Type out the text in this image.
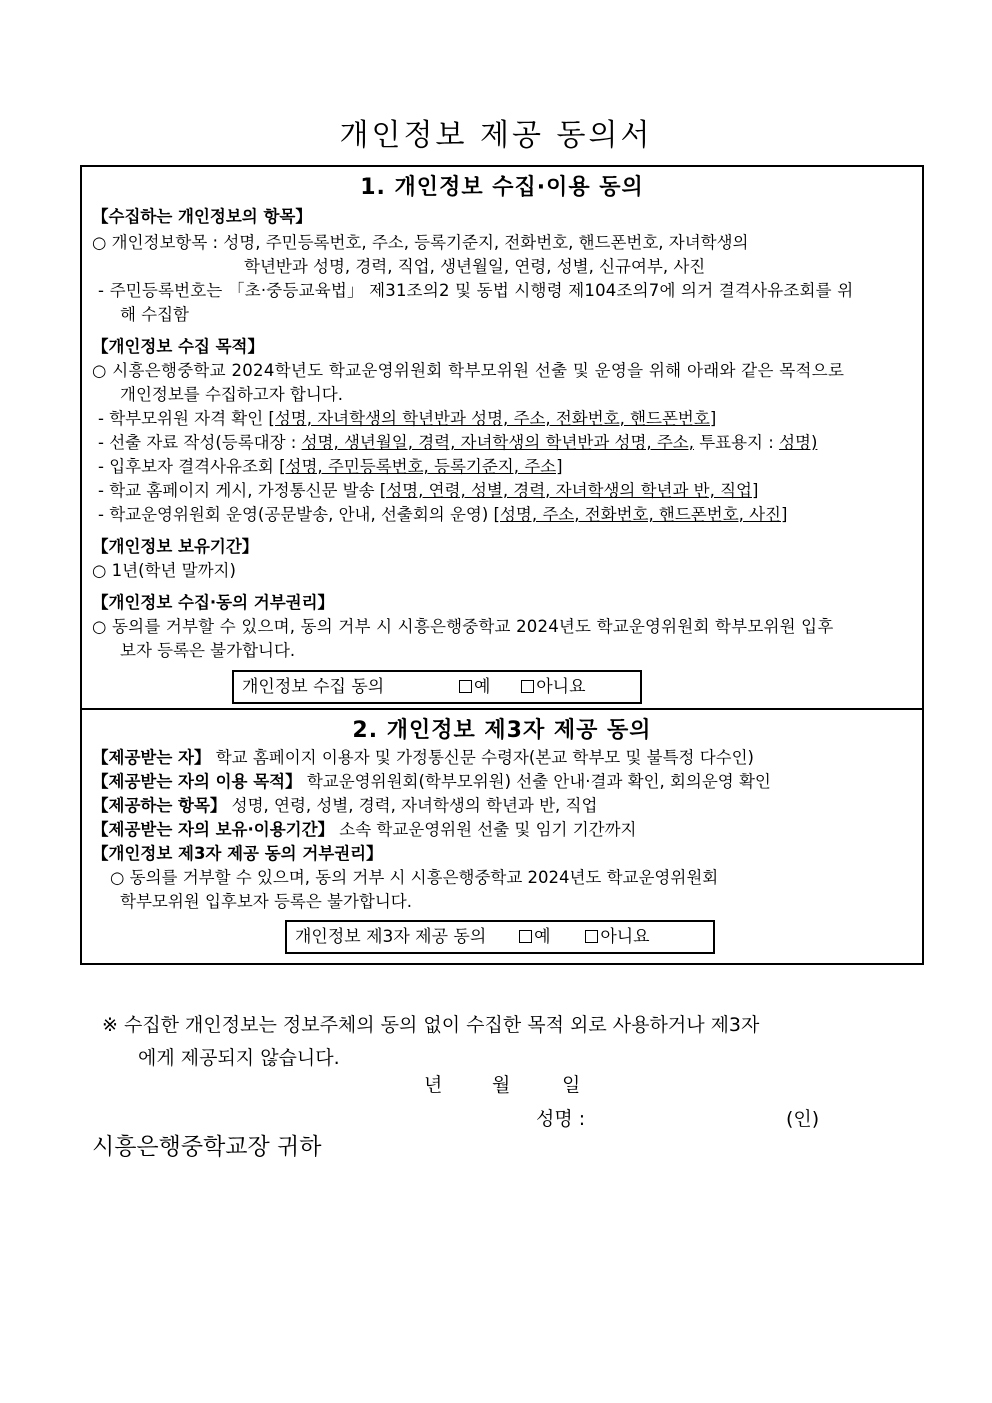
개인정보 제공 동의서
1. 개인정보 수집·이용 동의
【수집하는 개인정보의 항목】
○ 개인정보항목 : 성명, 주민등록번호, 주소, 등록기준지, 전화번호, 핸드폰번호, 자녀학생의
학년반과 성명, 경력, 직업, 생년월일, 연령, 성별, 신규여부, 사진
- 주민등록번호는 「초·중등교육법」 제31조의2 및 동법 시행령 제104조의7에 의거 결격사유조회를 위
해 수집함
【개인정보 수집 목적】
○ 시흥은행중학교 2024학년도 학교운영위원회 학부모위원 선출 및 운영을 위해 아래와 같은 목적으로
개인정보를 수집하고자 합니다.
- 학부모위원 자격 확인 [성명, 자녀학생의 학년반과 성명, 주소, 전화번호, 핸드폰번호]
- 선출 자료 작성(등록대장 : 성명, 생년월일, 경력, 자녀학생의 학년반과 성명, 주소, 투표용지 : 성명)
- 입후보자 결격사유조회 [성명, 주민등록번호, 등록기준지, 주소]
- 학교 홈페이지 게시, 가정통신문 발송 [성명, 연령, 성별, 경력, 자녀학생의 학년과 반, 직업]
- 학교운영위원회 운영(공문발송, 안내, 선출회의 운영) [성명, 주소, 전화번호, 핸드폰번호, 사진]
【개인정보 보유기간】
○ 1년(학년 말까지)
【개인정보 수집·동의 거부권리】
○ 동의를 거부할 수 있으며, 동의 거부 시 시흥은행중학교 2024년도 학교운영위원회 학부모위원 입후
보자 등록은 불가합니다.
개인정보 수집 동의	예	아니요
2. 개인정보 제3자 제공 동의
【제공받는 자】 학교 홈페이지 이용자 및 가정통신문 수령자(본교 학부모 및 불특정 다수인)
【제공받는 자의 이용 목적】 학교운영위원회(학부모위원) 선출 안내·결과 확인, 회의운영 확인
【제공하는 항목】 성명, 연령, 성별, 경력, 자녀학생의 학년과 반, 직업
【제공받는 자의 보유·이용기간】 소속 학교운영위원 선출 및 임기 기간까지
【개인정보 제3자 제공 동의 거부권리】
○ 동의를 거부할 수 있으며, 동의 거부 시 시흥은행중학교 2024년도 학교운영위원회
학부모위원 입후보자 등록은 불가합니다.
개인정보 제3자 제공 동의	예	아니요
※ 수집한 개인정보는 정보주체의 동의 없이 수집한 목적 외로 사용하거나 제3자
에게 제공되지 않습니다.
년	월	일
성명 :	(인)
시흥은행중학교장 귀하
